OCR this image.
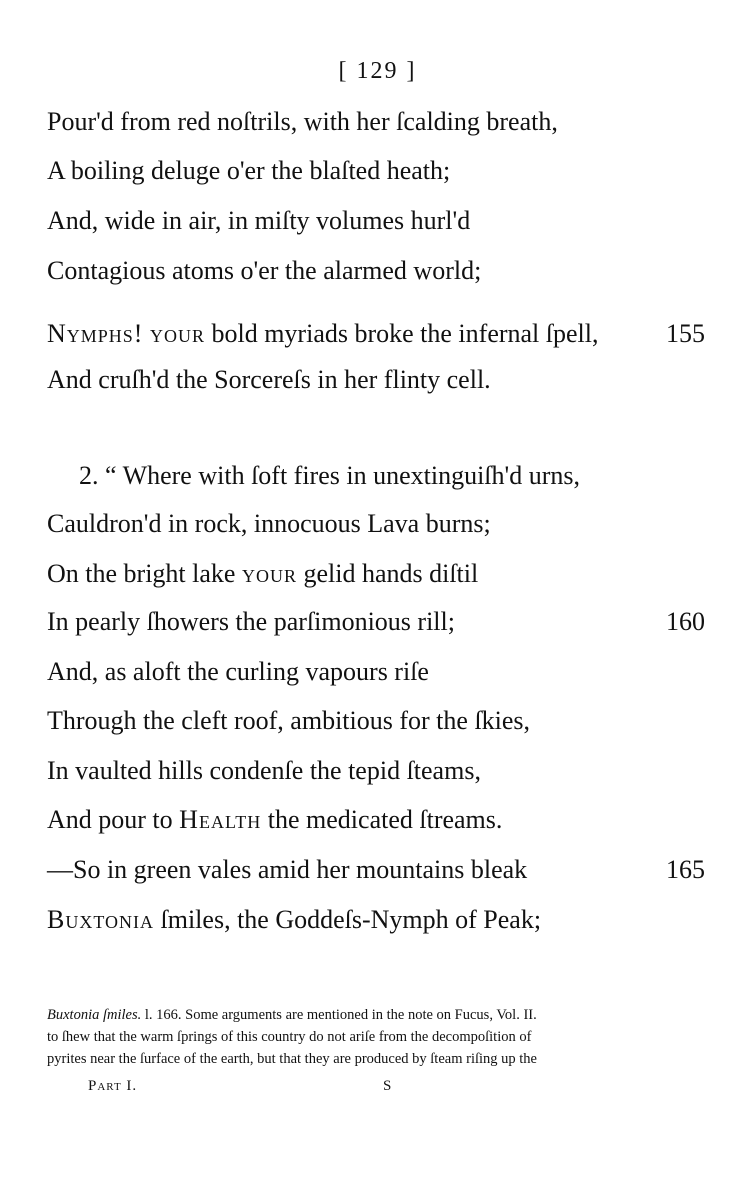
[ 129 ]
Pour'd from red noſtrils, with her ſcalding breath,
A boiling deluge o'er the blaſted heath;
And, wide in air, in miſty volumes hurl'd
Contagious atoms o'er the alarmed world;
Nymphs! your bold myriads broke the infernal ſpell,	155
And cruſh'd the Sorcereſs in her flinty cell.
2. “ Where with ſoft fires in unextinguiſh'd urns,
Cauldron'd in rock, innocuous Lava burns;
On the bright lake your gelid hands diſtil
In pearly ſhowers the parſimonious rill;	160
And, as aloft the curling vapours riſe
Through the cleft roof, ambitious for the ſkies,
In vaulted hills condenſe the tepid ſteams,
And pour to Health the medicated ſtreams.
—So in green vales amid her mountains bleak	165
Buxtonia ſmiles, the Goddeſs-Nymph of Peak;
Buxtonia ſmiles. l. 166. Some arguments are mentioned in the note on Fucus, Vol. II.
to ſhew that the warm ſprings of this country do not ariſe from the decompoſition of
pyrites near the ſurface of the earth, but that they are produced by ſteam riſing up the
Part I.	S
